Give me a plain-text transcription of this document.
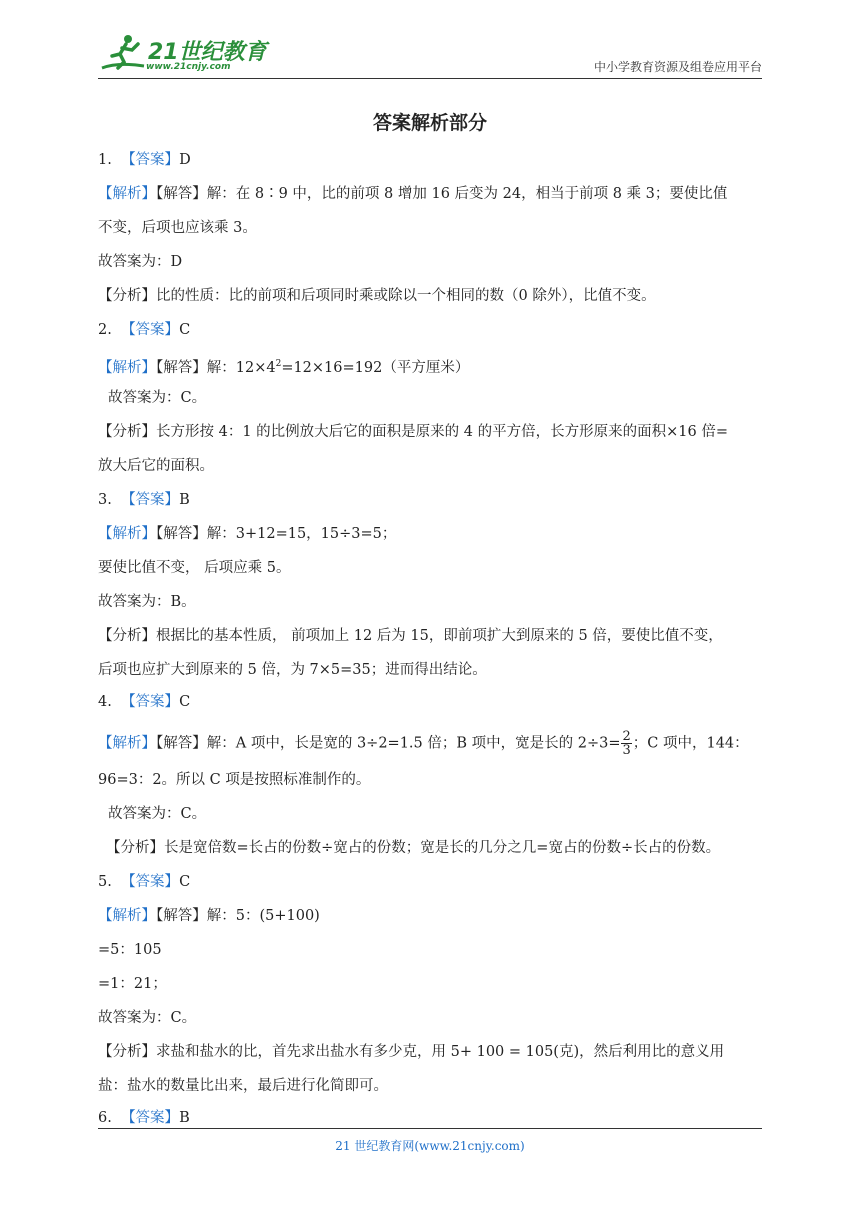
21世纪教育
www.21cnjy.com	中小学教育资源及组卷应用平台
答案解析部分
1. 【答案】D
【解析】【解答】解：在 8∶9 中，比的前项 8 增加 16 后变为 24，相当于前项 8 乘 3；要使比值
不变，后项也应该乘 3。
故答案为：D
【分析】比的性质：比的前项和后项同时乘或除以一个相同的数（0 除外），比值不变。
2. 【答案】C
【解析】【解答】解：$12\times 4^2=12\times 16=192$（平方厘米）
故答案为：C。
【分析】长方形按 4：1 的比例放大后它的面积是原来的 4 的平方倍，长方形原来的面积×16 倍=
放大后它的面积。
3. 【答案】B
【解析】【解答】解：3+12=15，15÷3=5；
要使比值不变， 后项应乘 5。
故答案为：B。
【分析】根据比的基本性质， 前项加上 12 后为 15，即前项扩大到原来的 5 倍，要使比值不变，
后项也应扩大到原来的 5 倍，为 7×5=35；进而得出结论。
4. 【答案】C
【解析】【解答】解：A 项中，长是宽的 3÷2=1.5 倍；B 项中，宽是长的 $2\div 3= \frac{2}{3}$ ；C 项中，144：
96=3：2。所以 C 项是按照标准制作的。
故答案为：C。
【分析】长是宽倍数=长占的份数÷宽占的份数；宽是长的几分之几=宽占的份数÷长占的份数。
5. 【答案】C
【解析】【解答】解：5：(5+100)
=5：105
=1：21；
故答案为：C。
【分析】求盐和盐水的比，首先求出盐水有多少克，用 5+ 100 = 105(克)，然后利用比的意义用
盐：盐水的数量比出来，最后进行化简即可。
6. 【答案】B
21 世纪教育网(www.21cnjy.com)
